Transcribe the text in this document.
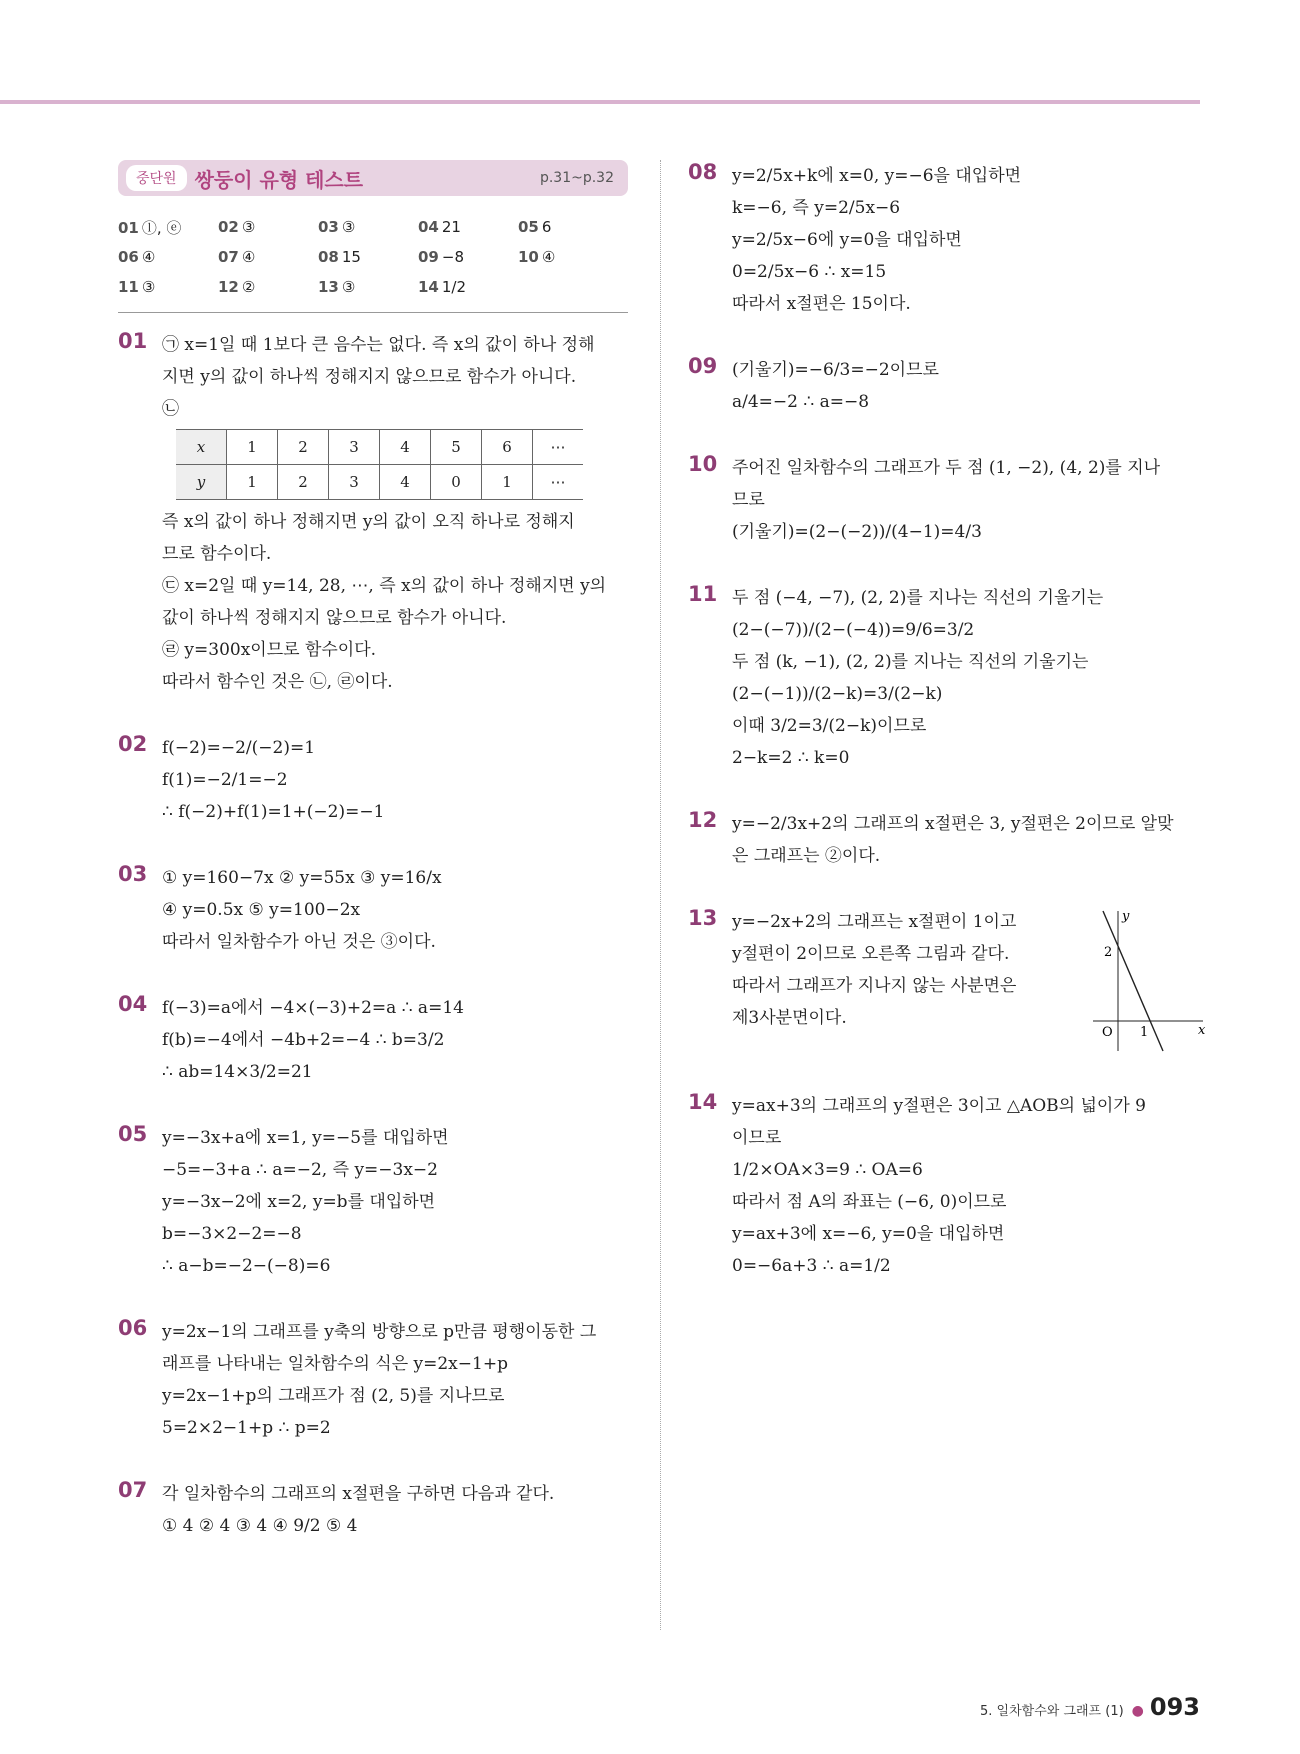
중단원 쌍둥이 유형 테스트	p.31~p.32
01 ⓛ, ⓔ	02 ③	03 ③	04 21	05 6
06 ④	07 ④	08 15	09 −8	10 ④
11 ③	12 ②	13 ③	14 1/2
01 ㉠ x=1일 때 1보다 큰 음수는 없다. 즉 x의 값이 하나 정해

지면 y의 값이 하나씩 정해지지 않으므로 함수가 아니다.

㉡

x	1	2	3	4	5	6	⋯
y	1	2	3	4	0	1	⋯

즉 x의 값이 하나 정해지면 y의 값이 오직 하나로 정해지

므로 함수이다.

㉢ x=2일 때 y=14, 28, ⋯, 즉 x의 값이 하나 정해지면 y의

값이 하나씩 정해지지 않으므로 함수가 아니다.

㉣ y=300x이므로 함수이다.

따라서 함수인 것은 ㉡, ㉣이다.

02 f(−2)=−2/(−2)=1

f(1)=−2/1=−2

∴ f(−2)+f(1)=1+(−2)=−1

03 ① y=160−7x ② y=55x ③ y=16/x

④ y=0.5x ⑤ y=100−2x

따라서 일차함수가 아닌 것은 ③이다.

04 f(−3)=a에서 −4×(−3)+2=a ∴ a=14

f(b)=−4에서 −4b+2=−4 ∴ b=3/2

∴ ab=14×3/2=21

05 y=−3x+a에 x=1, y=−5를 대입하면

−5=−3+a ∴ a=−2, 즉 y=−3x−2

y=−3x−2에 x=2, y=b를 대입하면

b=−3×2−2=−8

∴ a−b=−2−(−8)=6

06 y=2x−1의 그래프를 y축의 방향으로 p만큼 평행이동한 그

래프를 나타내는 일차함수의 식은 y=2x−1+p

y=2x−1+p의 그래프가 점 (2, 5)를 지나므로

5=2×2−1+p ∴ p=2

07 각 일차함수의 그래프의 x절편을 구하면 다음과 같다.

① 4 ② 4 ③ 4 ④ 9/2 ⑤ 4

08 y=2/5x+k에 x=0, y=−6을 대입하면

k=−6, 즉 y=2/5x−6

y=2/5x−6에 y=0을 대입하면

0=2/5x−6 ∴ x=15

따라서 x절편은 15이다.

09 (기울기)=−6/3=−2이므로

a/4=−2 ∴ a=−8

10 주어진 일차함수의 그래프가 두 점 (1, −2), (4, 2)를 지나

므로

(기울기)=(2−(−2))/(4−1)=4/3

11 두 점 (−4, −7), (2, 2)를 지나는 직선의 기울기는

(2−(−7))/(2−(−4))=9/6=3/2

두 점 (k, −1), (2, 2)를 지나는 직선의 기울기는

(2−(−1))/(2−k)=3/(2−k)

이때 3/2=3/(2−k)이므로

2−k=2 ∴ k=0

12 y=−2/3x+2의 그래프의 x절편은 3, y절편은 2이므로 알맞

은 그래프는 ②이다.

13
x
y
O 1
2

y=−2x+2의 그래프는 x절편이 1이고

y절편이 2이므로 오른쪽 그림과 같다.

따라서 그래프가 지나지 않는 사분면은

제3사분면이다.

14 y=ax+3의 그래프의 y절편은 3이고 △AOB의 넓이가 9

이므로

1/2×OA×3=9 ∴ OA=6

따라서 점 A의 좌표는 (−6, 0)이므로

y=ax+3에 x=−6, y=0을 대입하면

0=−6a+3 ∴ a=1/2

5. 일차함수와 그래프 (1) ● 093
